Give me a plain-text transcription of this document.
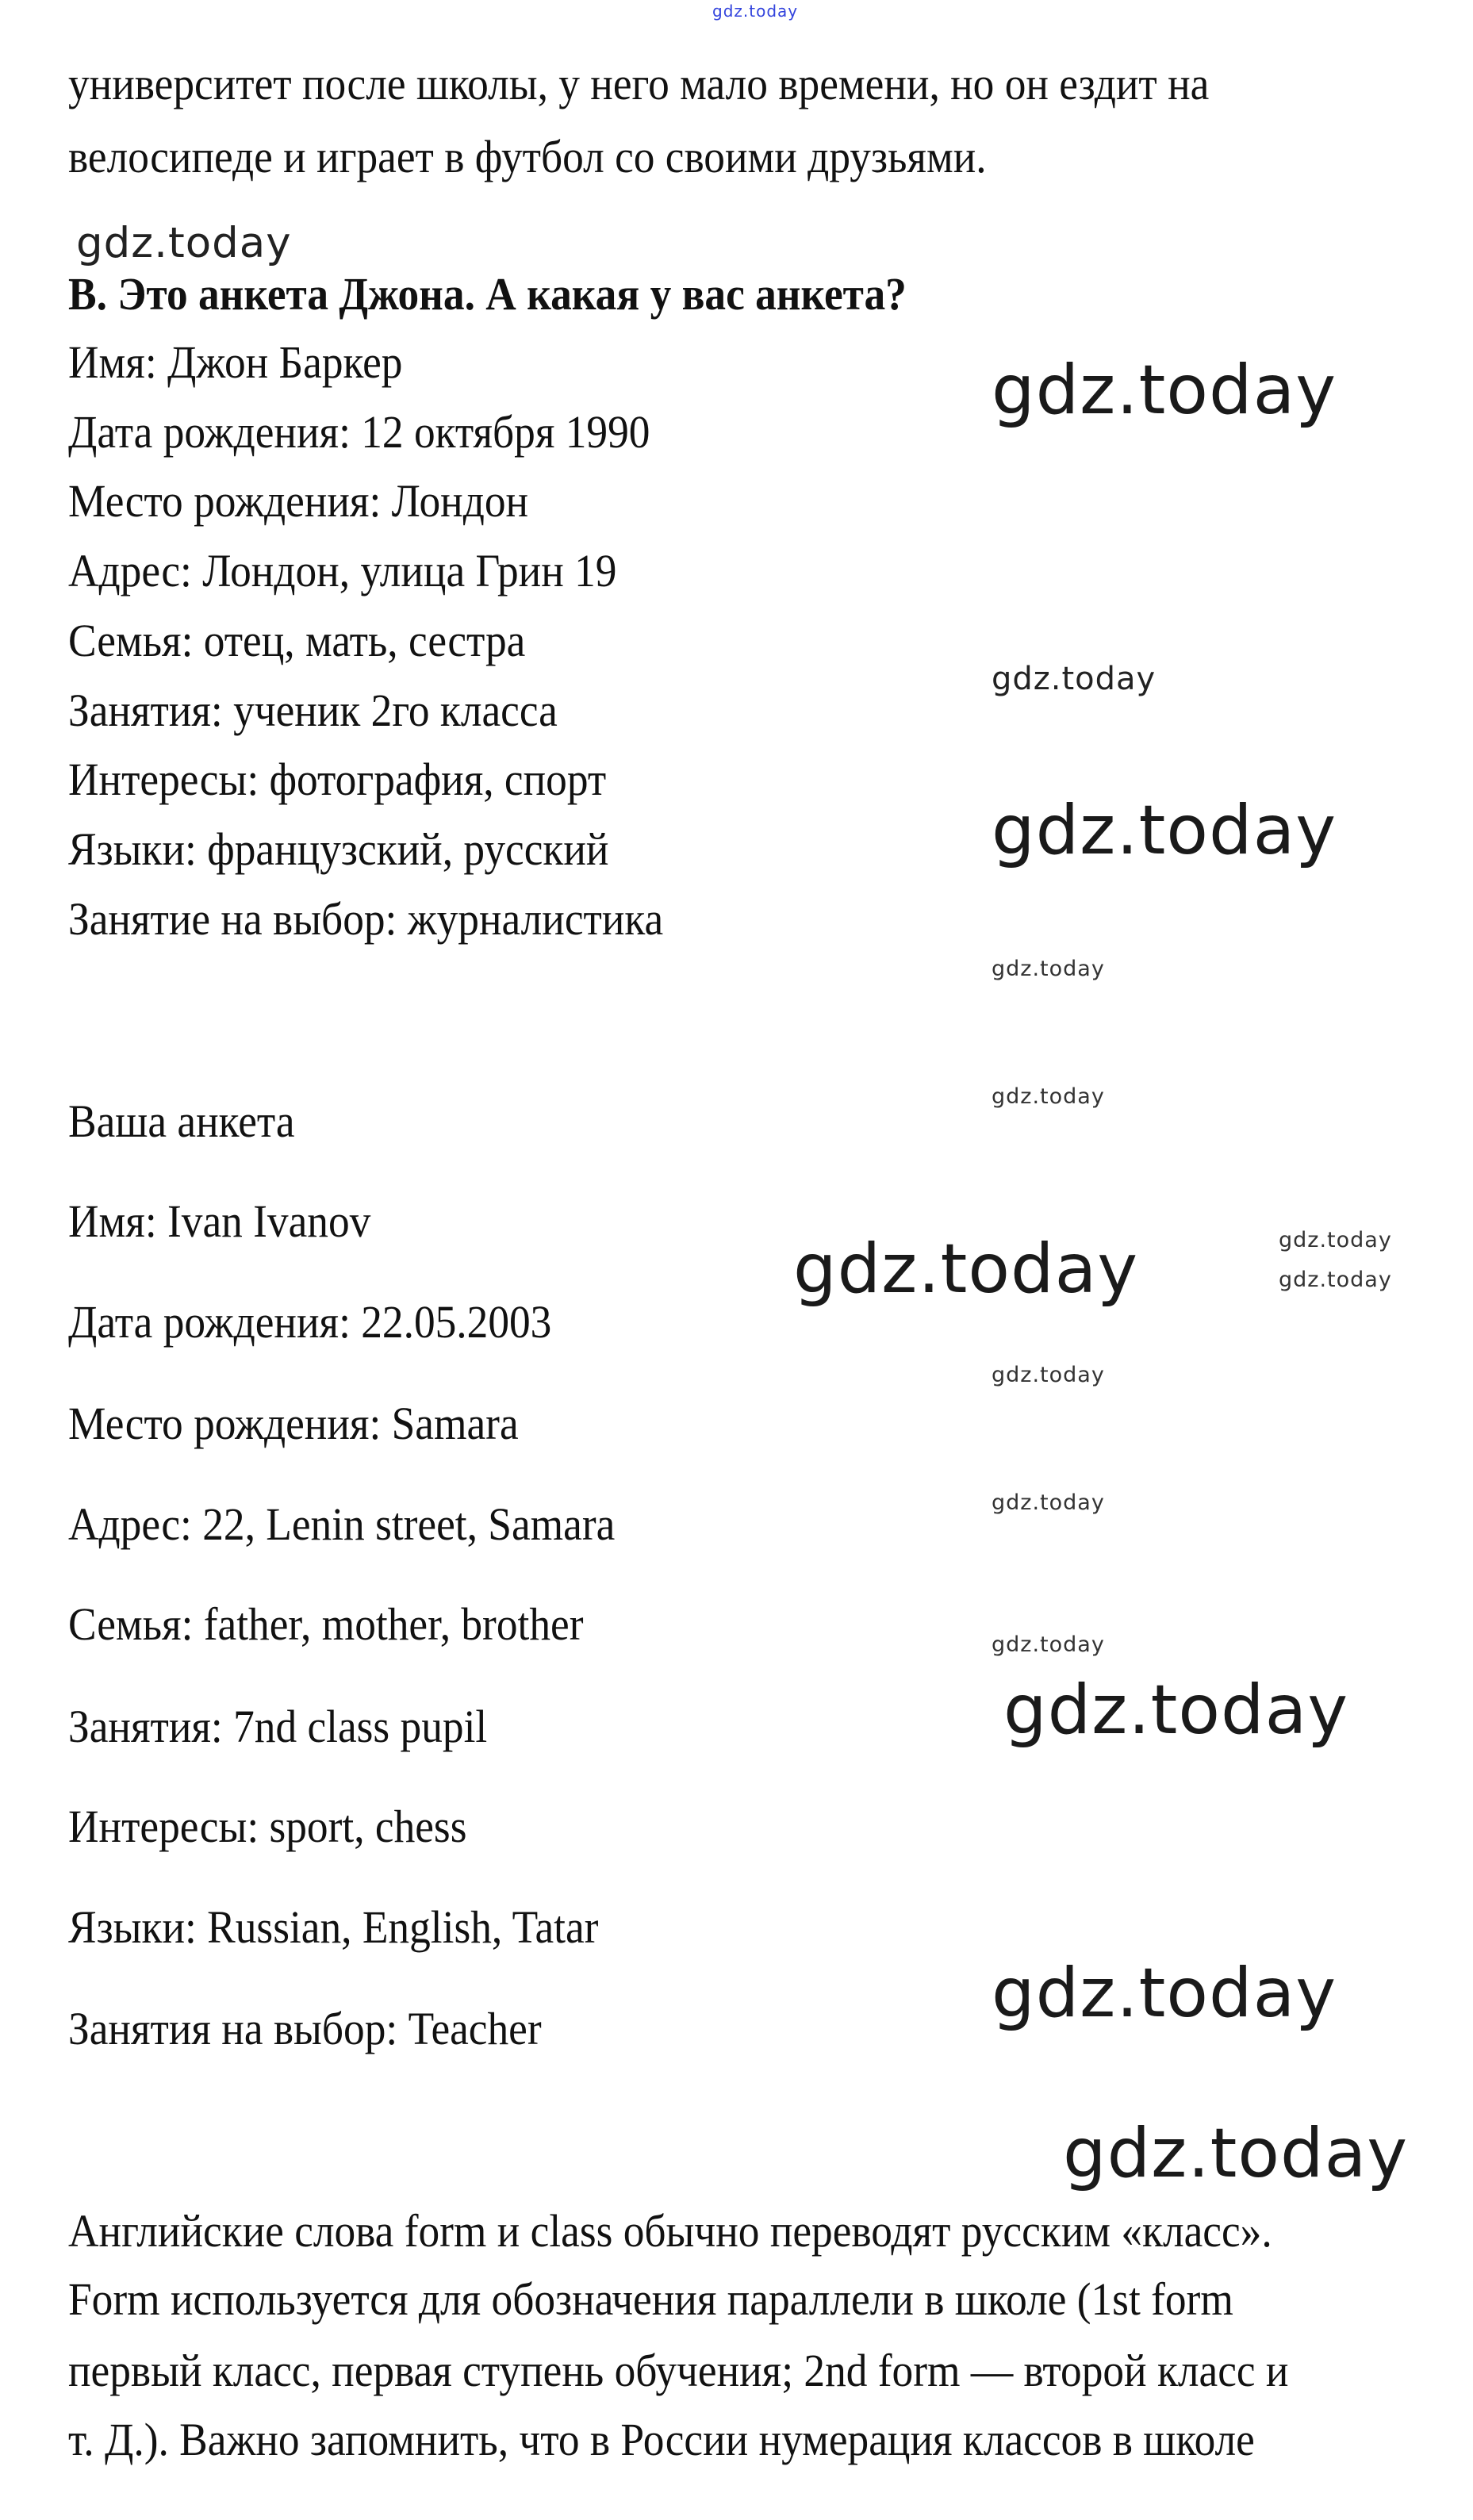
gdz.today
университет после школы, у него мало времени, но он ездит на
велосипеде и играет в футбол со своими друзьями.
B. Это анкета Джона. А какая у вас анкета?
Имя: Джон Баркер
Дата рождения: 12 октября 1990
Место рождения: Лондон
Адрес: Лондон, улица Грин 19
Семья: отец, мать, сестра
Занятия: ученик 2го класса
Интересы: фотография, спорт
Языки: французский, русский
Занятие на выбор: журналистика
Ваша анкета
Имя: Ivan Ivanov
Дата рождения: 22.05.2003
Место рождения: Samara
Адрес: 22, Lenin street, Samara
Семья: father, mother, brother
Занятия: 7nd class pupil
Интересы: sport, chess
Языки: Russian, English, Tatar
Занятия на выбор: Teacher
Английские слова form и class обычно переводят русским «класс».
Form используется для обозначения параллели в школе (1st form
первый класс, первая ступень обучения; 2nd form — второй класс и
т. Д.). Важно запомнить, что в России нумерация классов в школе
gdz.today
gdz.today
gdz.today
gdz.today
gdz.today
gdz.today
gdz.today	gdz.today
gdz.today
gdz.today
gdz.today
gdz.today
gdz.today
gdz.today
gdz.today
